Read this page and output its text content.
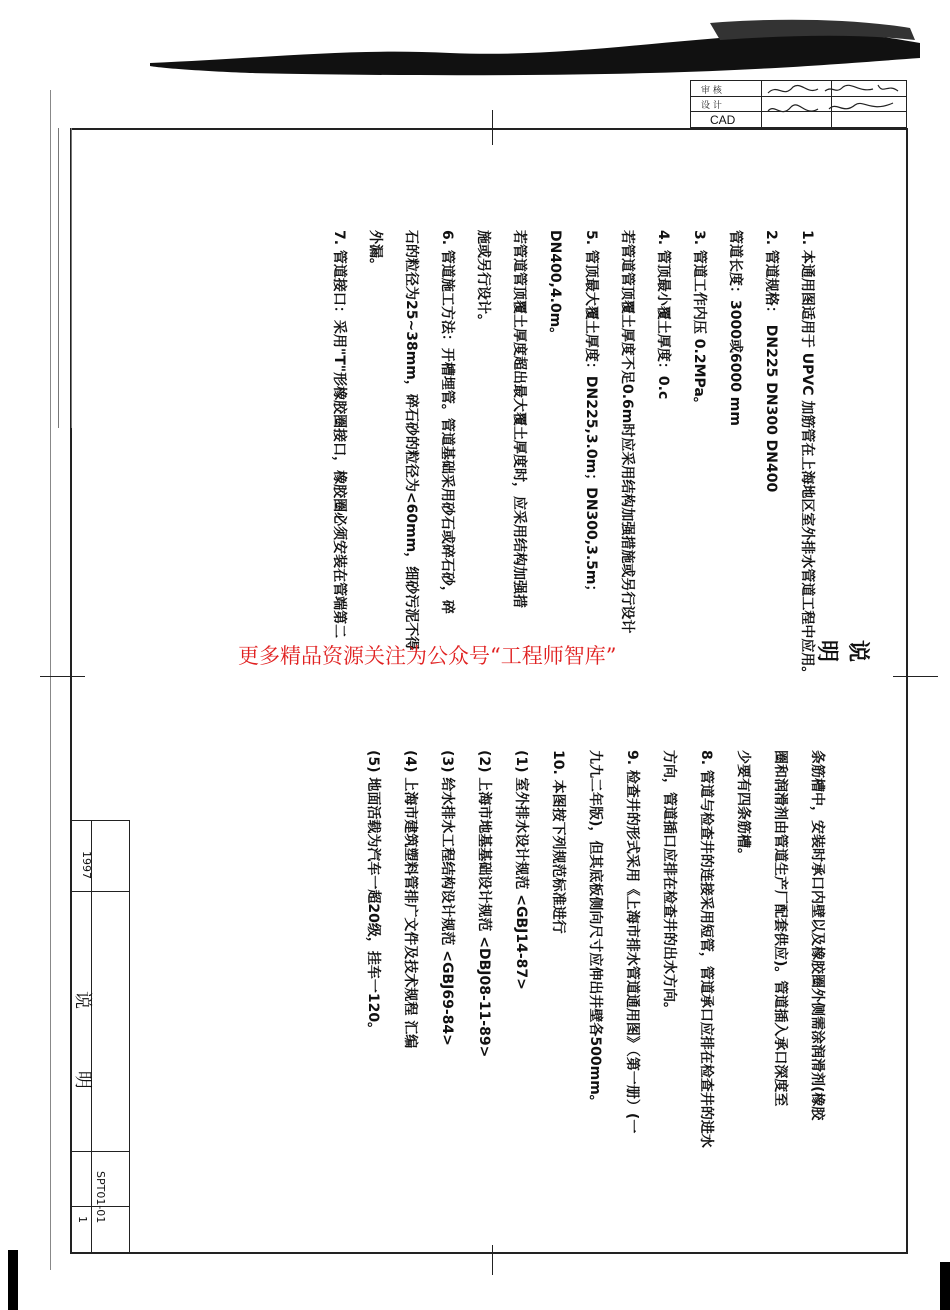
审 核
设 计
CAD
说 明
1. 本通用图适用于 UPVC 加筋管在上海地区室外排水管道工程中应用。
2. 管道规格： DN225 DN300 DN400
管道长度：3000或6000 mm
3. 管道工作内压 0.2MPa。
4. 管顶最小覆土厚度：0.c
若管道管顶覆土厚度不足0.6m时应采用结构加强措施或另行设计
5. 管顶最大覆土厚度：DN225,3.0m；DN300,3.5m；
DN400,4.0m。
若管道管顶覆土厚度超出最大覆土厚度时，应采用结构加强措
施或另行设计。
6. 管道施工方法：开槽埋管。管道基础采用砂石或碎石砂，碎
石的粒径为25~38mm，碎石砂的粒径为<60mm，细砂污泥不得
外漏。
7. 管道接口：采用"T"形橡胶圈接口，橡胶圈必须安装在管端第二
条筋槽中，安装时承口内壁以及橡胶圈外侧需涂润滑剂(橡胶
圈和润滑剂由管道生产厂配套供应)。管道插入承口深度至
少要有四条筋槽。
8. 管道与检查井的连接采用短管，管道承口应排在检查井的进水
方向，管道插口应排在检查井的出水方向。
9. 检查井的形式采用《上海市排水管道通用图》（第一册）(一
九九二年版)，但其底板侧向尺寸应伸出井壁各500mm。
10. 本图按下列规范标准进行
(1) 室外排水设计规范 <GBJ14-87>
(2) 上海市地基基础设计规范 <DBJ08-11-89>
(3) 给水排水工程结构设计规范 <GBJ69-84>
(4) 上海市建筑塑料管排广文件及技术规程 汇编
(5) 地面活载为汽车一超20级，挂车一120。
更多精品资源关注为公众号“工程师智库”
1997
说 明
SPT01-01
1
